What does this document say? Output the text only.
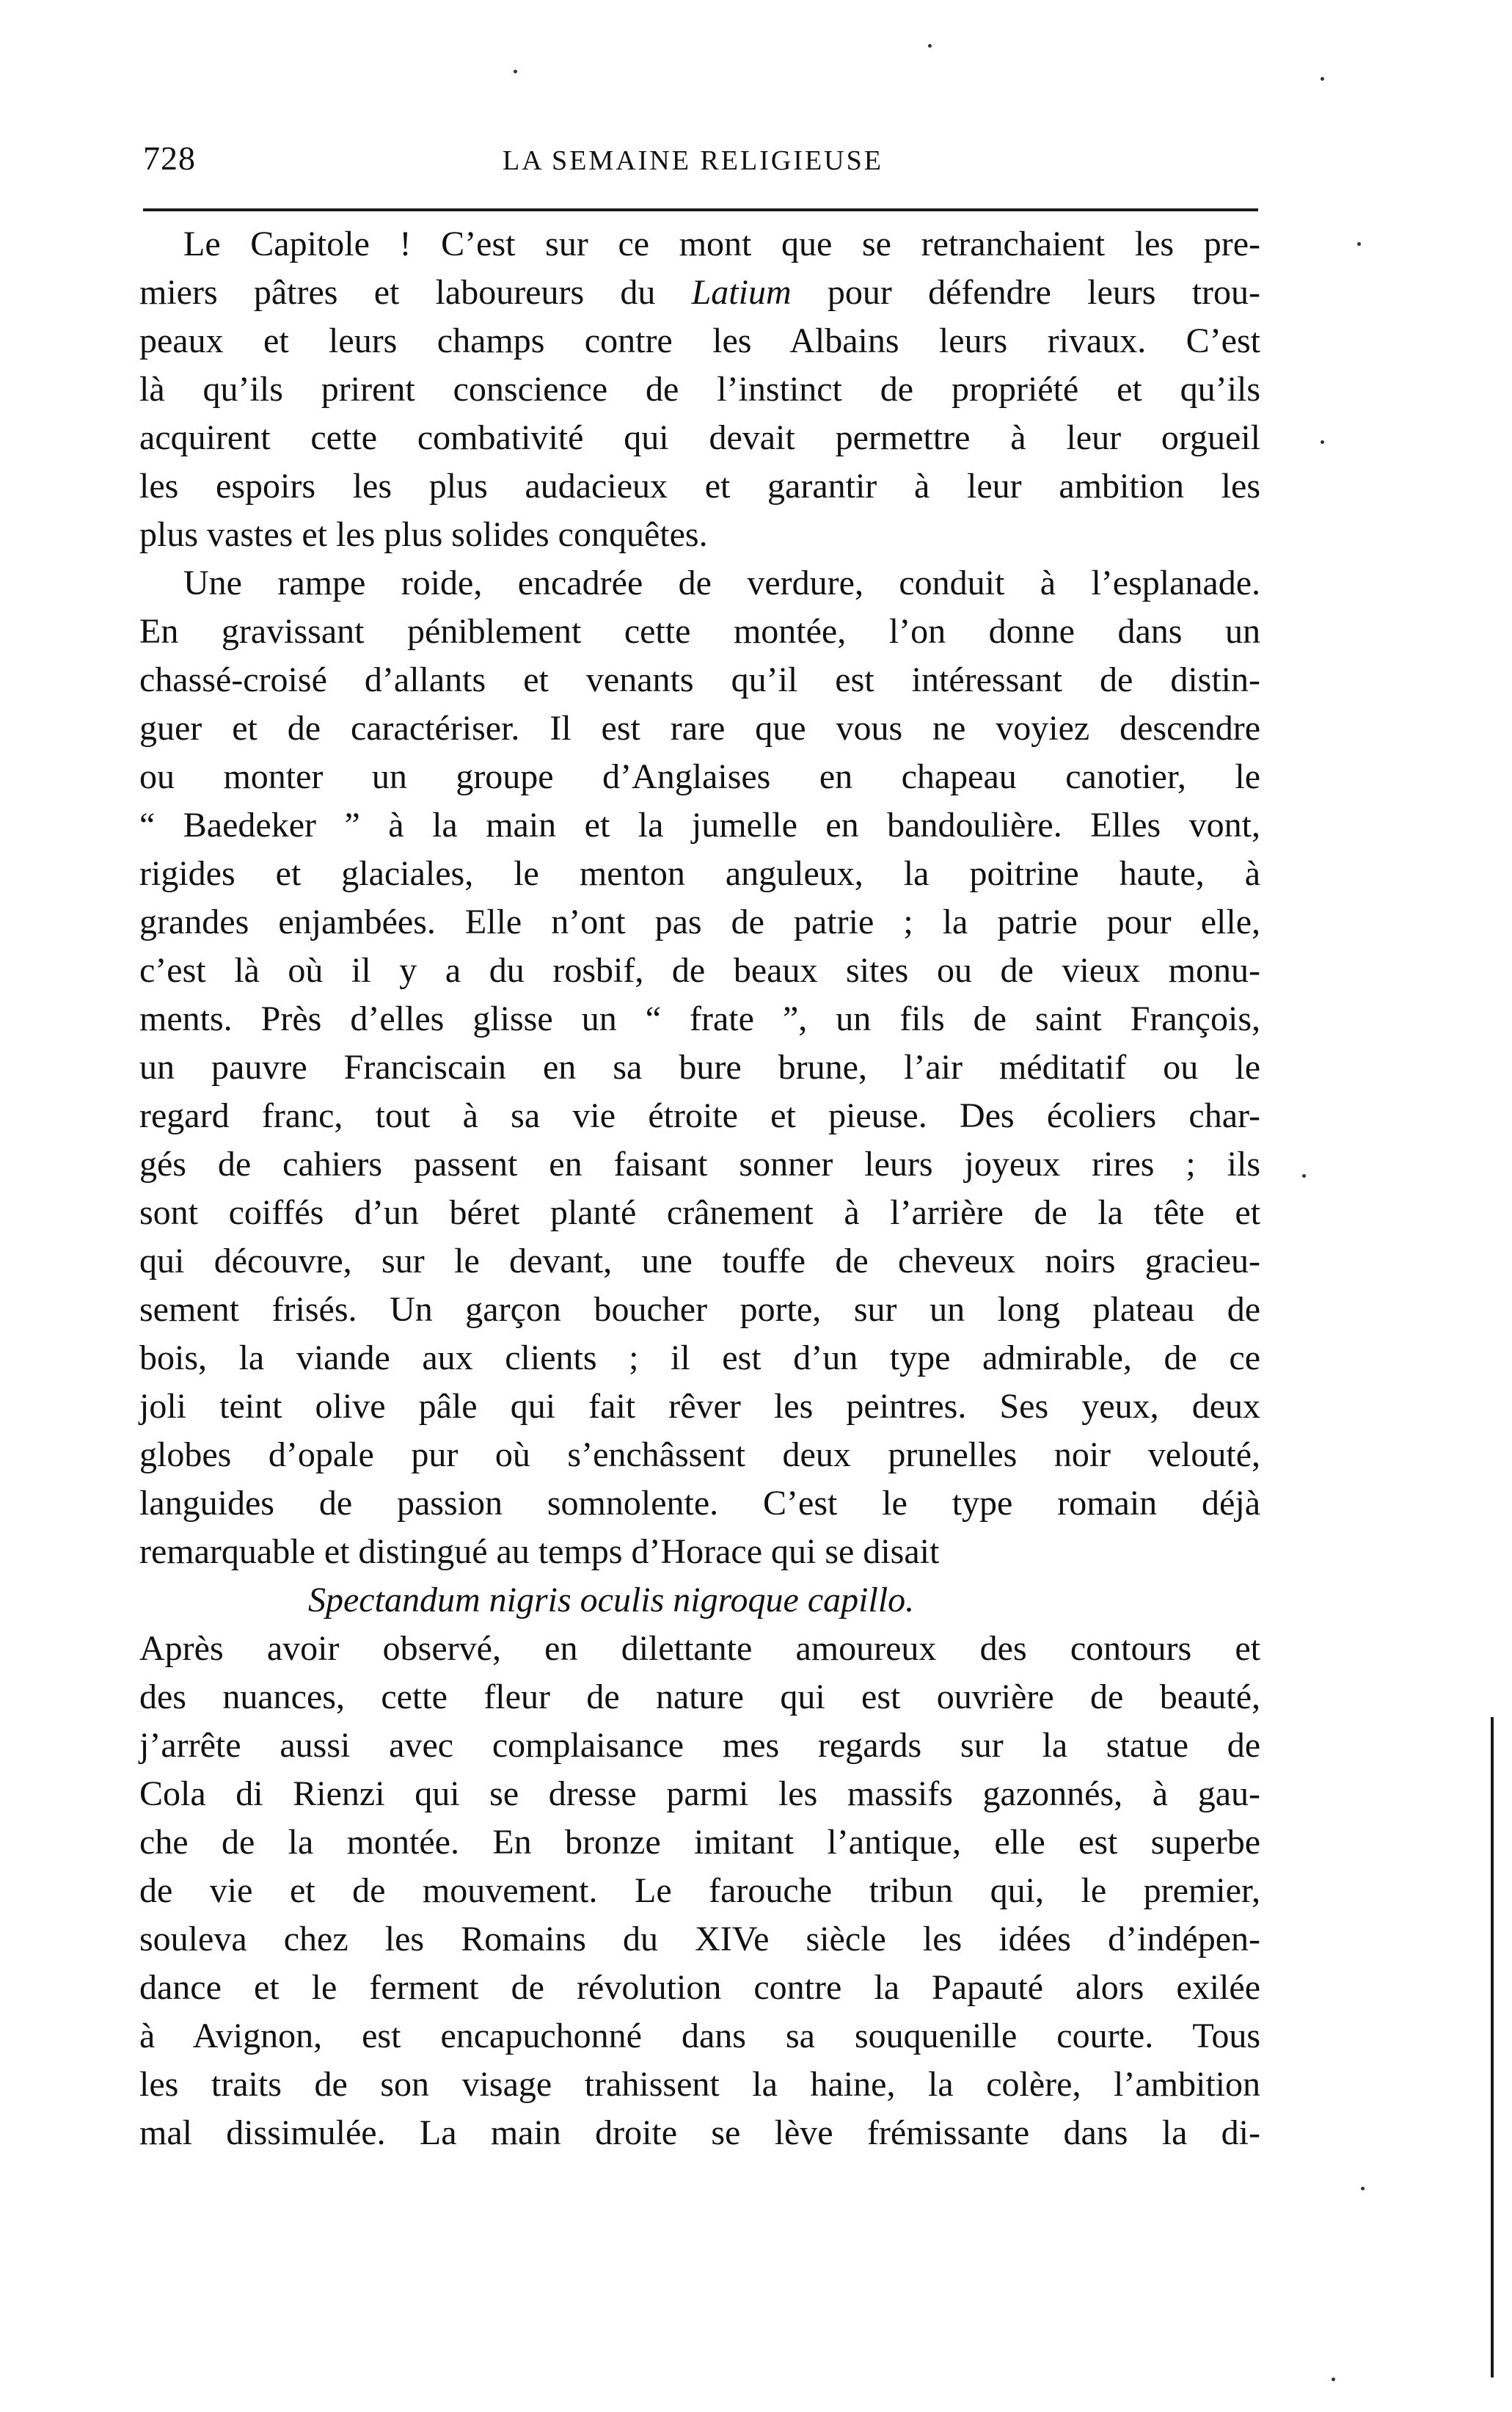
728	LA SEMAINE RELIGIEUSE
Le Capitole ! C’est sur ce mont que se retranchaient les pre-
miers pâtres et laboureurs du Latium pour défendre leurs trou-
peaux et leurs champs contre les Albains leurs rivaux. C’est
là qu’ils prirent conscience de l’instinct de propriété et qu’ils
acquirent cette combativité qui devait permettre à leur orgueil
les espoirs les plus audacieux et garantir à leur ambition les
plus vastes et les plus solides conquêtes.
Une rampe roide, encadrée de verdure, conduit à l’esplanade.
En gravissant péniblement cette montée, l’on donne dans un
chassé-croisé d’allants et venants qu’il est intéressant de distin-
guer et de caractériser. Il est rare que vous ne voyiez descendre
ou monter un groupe d’Anglaises en chapeau canotier, le
“ Baedeker ” à la main et la jumelle en bandoulière. Elles vont,
rigides et glaciales, le menton anguleux, la poitrine haute, à
grandes enjambées. Elle n’ont pas de patrie ; la patrie pour elle,
c’est là où il y a du rosbif, de beaux sites ou de vieux monu-
ments. Près d’elles glisse un “ frate ”, un fils de saint François,
un pauvre Franciscain en sa bure brune, l’air méditatif ou le
regard franc, tout à sa vie étroite et pieuse. Des écoliers char-
gés de cahiers passent en faisant sonner leurs joyeux rires ; ils
sont coiffés d’un béret planté crânement à l’arrière de la tête et
qui découvre, sur le devant, une touffe de cheveux noirs gracieu-
sement frisés. Un garçon boucher porte, sur un long plateau de
bois, la viande aux clients ; il est d’un type admirable, de ce
joli teint olive pâle qui fait rêver les peintres. Ses yeux, deux
globes d’opale pur où s’enchâssent deux prunelles noir velouté,
languides de passion somnolente. C’est le type romain déjà
remarquable et distingué au temps d’Horace qui se disait
Spectandum nigris oculis nigroque capillo.
Après avoir observé, en dilettante amoureux des contours et
des nuances, cette fleur de nature qui est ouvrière de beauté,
j’arrête aussi avec complaisance mes regards sur la statue de
Cola di Rienzi qui se dresse parmi les massifs gazonnés, à gau-
che de la montée. En bronze imitant l’antique, elle est superbe
de vie et de mouvement. Le farouche tribun qui, le premier,
souleva chez les Romains du XIVe siècle les idées d’indépen-
dance et le ferment de révolution contre la Papauté alors exilée
à Avignon, est encapuchonné dans sa souquenille courte. Tous
les traits de son visage trahissent la haine, la colère, l’ambition
mal dissimulée. La main droite se lève frémissante dans la di-
